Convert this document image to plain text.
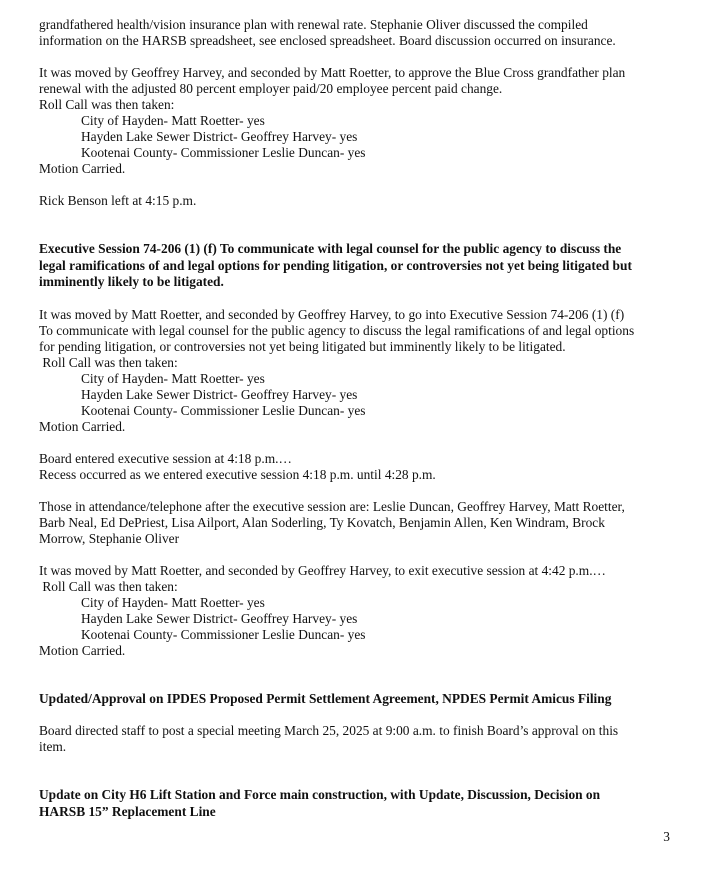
grandfathered health/vision insurance plan with renewal rate. Stephanie Oliver discussed the compiled
information on the HARSB spreadsheet, see enclosed spreadsheet. Board discussion occurred on insurance.
It was moved by Geoffrey Harvey, and seconded by Matt Roetter, to approve the Blue Cross grandfather plan
renewal with the adjusted 80 percent employer paid/20 employee percent paid change.
Roll Call was then taken:
City of Hayden- Matt Roetter- yes
Hayden Lake Sewer District- Geoffrey Harvey- yes
Kootenai County- Commissioner Leslie Duncan- yes
Motion Carried.
Rick Benson left at 4:15 p.m.
Executive Session 74-206 (1) (f) To communicate with legal counsel for the public agency to discuss the
legal ramifications of and legal options for pending litigation, or controversies not yet being litigated but
imminently likely to be litigated.
It was moved by Matt Roetter, and seconded by Geoffrey Harvey, to go into Executive Session 74-206 (1) (f)
To communicate with legal counsel for the public agency to discuss the legal ramifications of and legal options
for pending litigation, or controversies not yet being litigated but imminently likely to be litigated.
Roll Call was then taken:
City of Hayden- Matt Roetter- yes
Hayden Lake Sewer District- Geoffrey Harvey- yes
Kootenai County- Commissioner Leslie Duncan- yes
Motion Carried.
Board entered executive session at 4:18 p.m.…
Recess occurred as we entered executive session 4:18 p.m. until 4:28 p.m.
Those in attendance/telephone after the executive session are: Leslie Duncan, Geoffrey Harvey, Matt Roetter,
Barb Neal, Ed DePriest, Lisa Ailport, Alan Soderling, Ty Kovatch, Benjamin Allen, Ken Windram, Brock
Morrow, Stephanie Oliver
It was moved by Matt Roetter, and seconded by Geoffrey Harvey, to exit executive session at 4:42 p.m.…
Roll Call was then taken:
City of Hayden- Matt Roetter- yes
Hayden Lake Sewer District- Geoffrey Harvey- yes
Kootenai County- Commissioner Leslie Duncan- yes
Motion Carried.
Updated/Approval on IPDES Proposed Permit Settlement Agreement, NPDES Permit Amicus Filing
Board directed staff to post a special meeting March 25, 2025 at 9:00 a.m. to finish Board’s approval on this
item.
Update on City H6 Lift Station and Force main construction, with Update, Discussion, Decision on
HARSB 15” Replacement Line
3
